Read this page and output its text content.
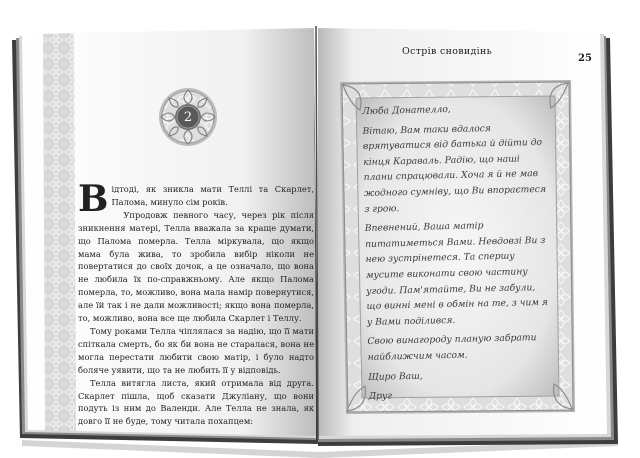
2

Відтоді, як зникла мати Теллі та Скарлет, Палома, минуло сім років.

Упродовж певного часу, через рік після зникнення матері, Телла вважала за краще думати, що Палома померла. Телла міркувала, що якщо мама була жива, то зробила вибір ніколи не повертатися до своїх дочок, а це означало, що вона не любила їх по-справжньому. Але якщо Палома померла, то, можливо, вона мала намір повернутися, але їй так і не дали можливості; якщо вона померла, то, можливо, вона все ще любила Скарлет і Теллу.

Тому роками Телла чіплялася за надію, що її мати спіткала смерть, бо як би вона не старалася, вона не могла перестати любити свою матір, і було надто боляче уявити, що та не любить її у відповідь.

Телла витягла листа, який отримала від друга. Скарлет пішла, щоб сказати Джуліану, що вони подуть із ним до Валенди. Але Телла не знала, як довго її не буде, тому читала похапцем:

Острів сновидінь
25

Люба Донателло,

Вітаю, Вам таки вдалося врятуватися від батька й дійти до кінця Караваль. Радію, що наші плани спрацювали. Хоча я й не мав жодного сумніву, що Ви впораєтеся з грою.

Впевнений, Ваша матір питатиметься Вами. Невдовзі Ви з нею зустрінетеся. Та спершу мусите виконати свою частину угоди. Пам'ятайте, Ви не забули, що винні мені в обмін на те, з чим я у Вами поділився.

Свою винагороду планую забрати найближчим часом.

Щиро Ваш,

Друг
